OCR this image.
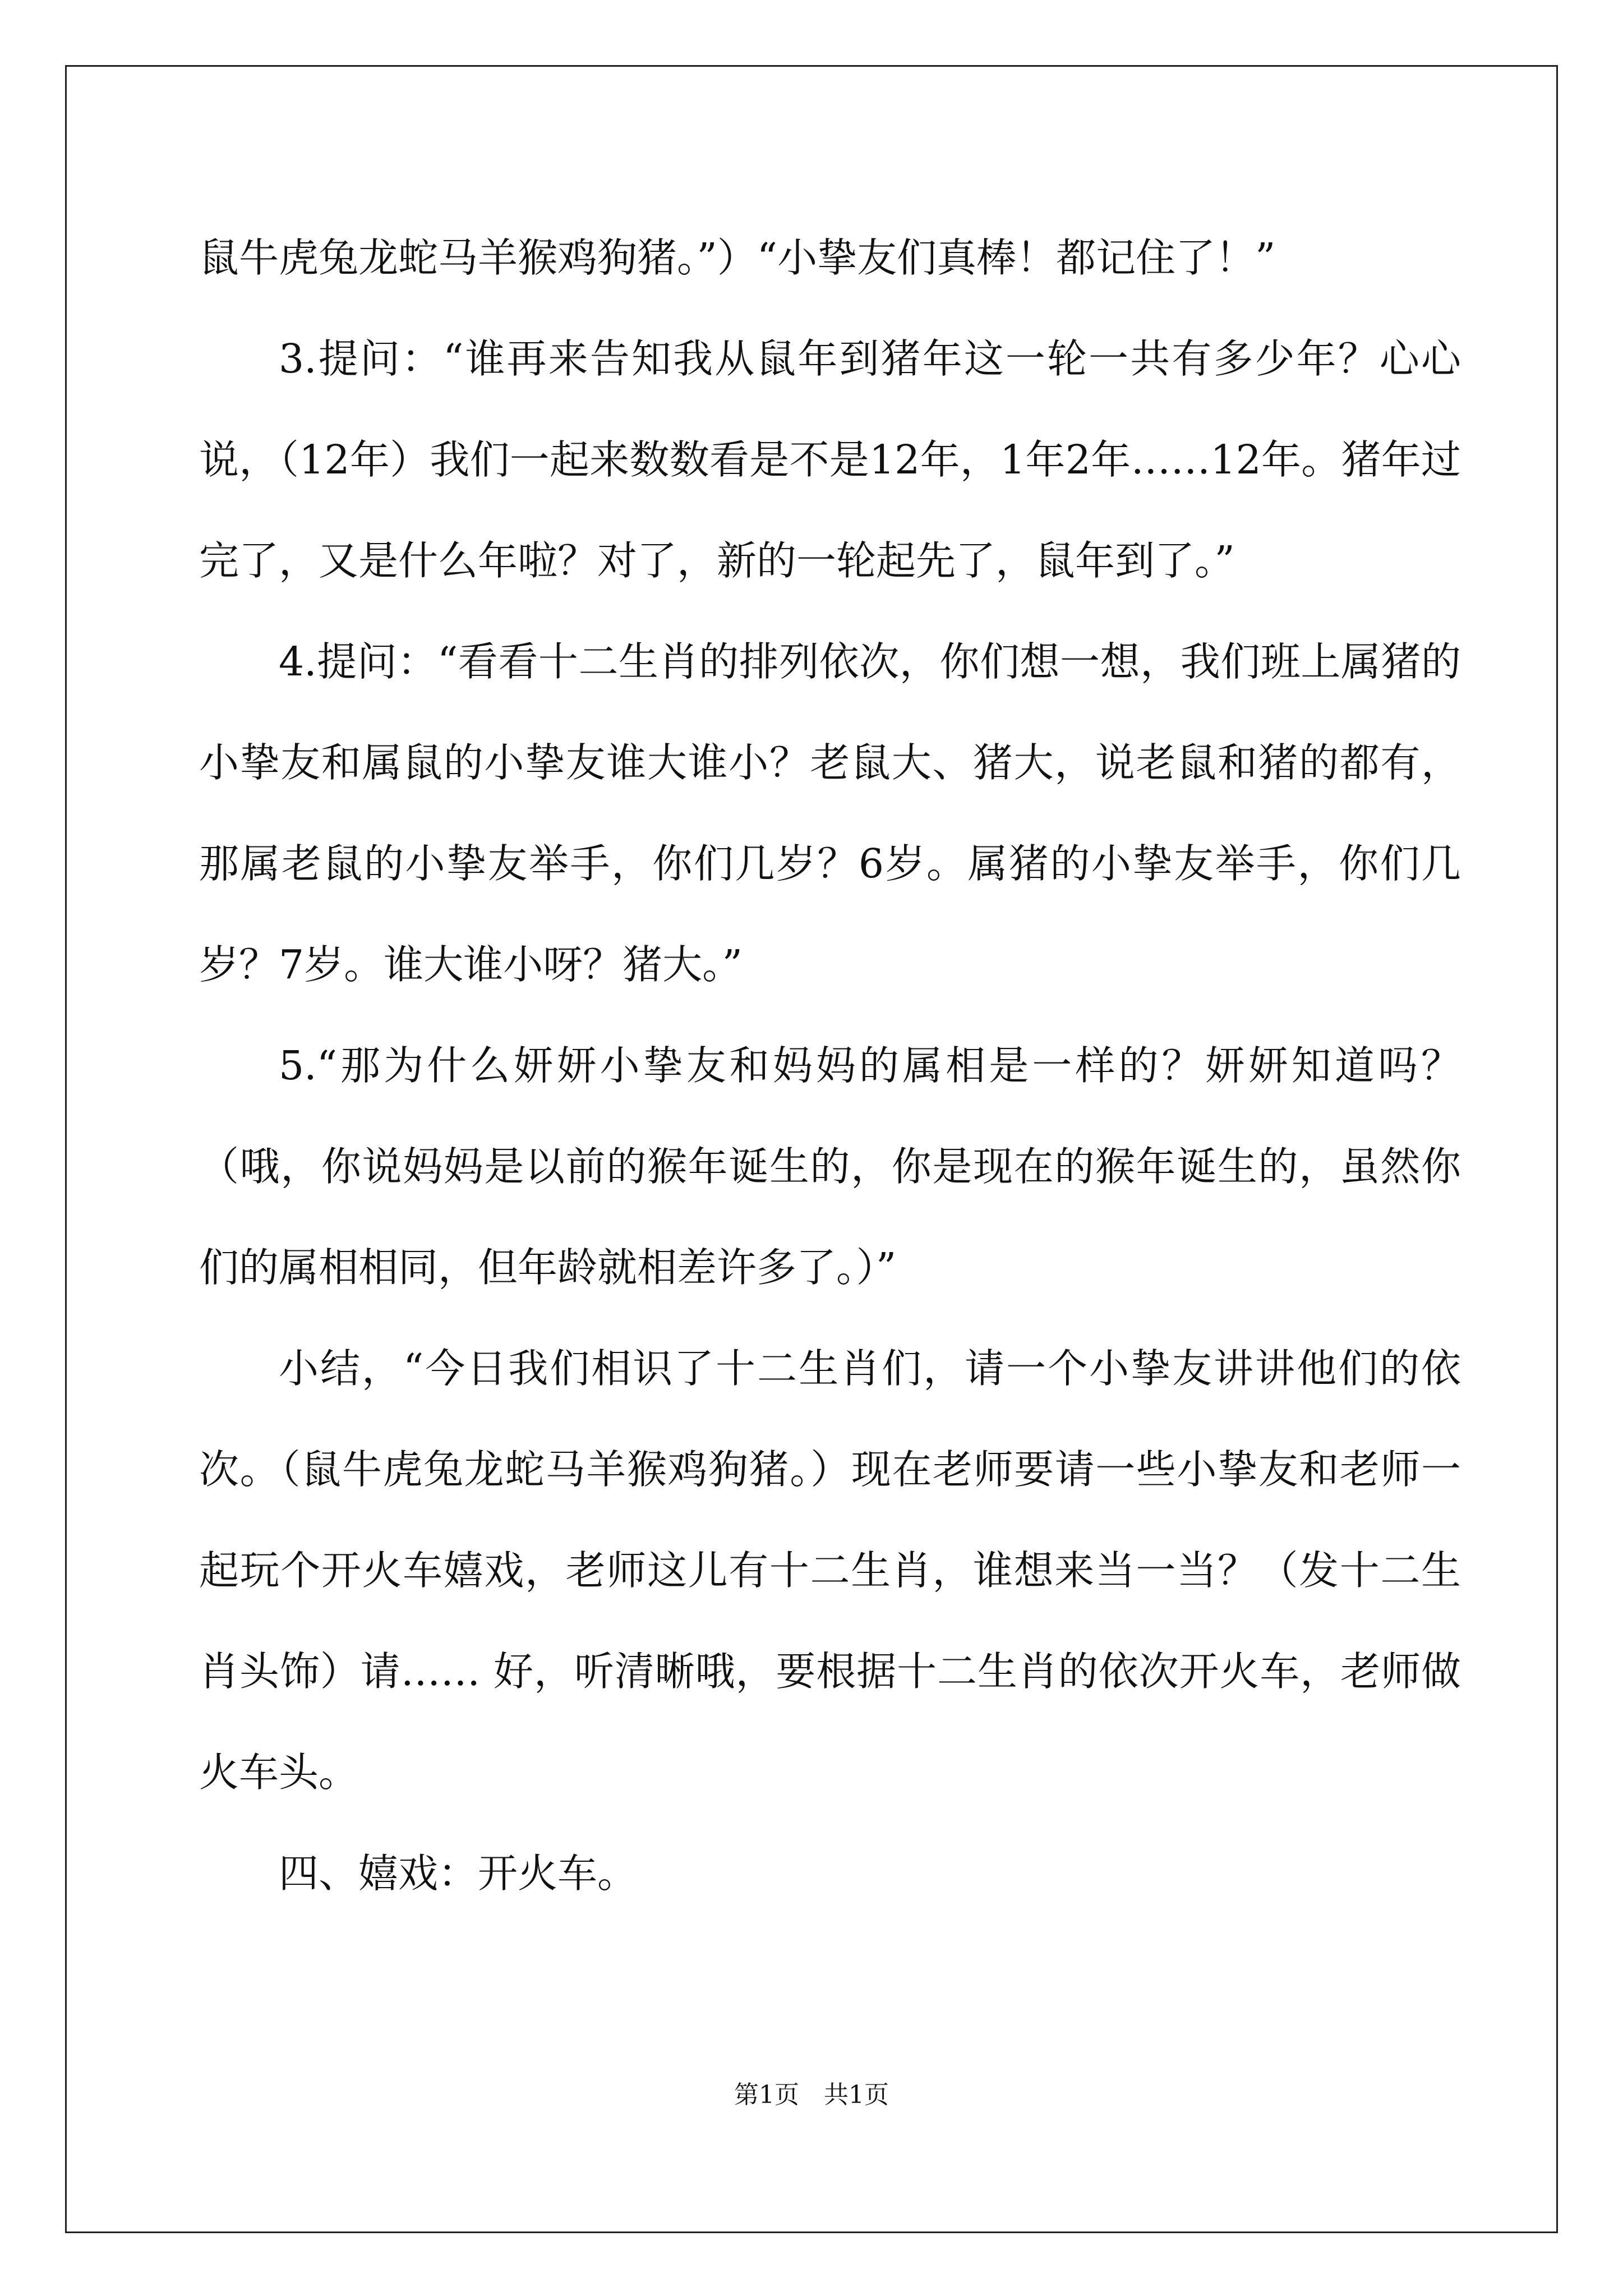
鼠牛虎兔龙蛇马羊猴鸡狗猪。”）“小挚友们真棒！都记住了！”

3.提问：“谁再来告知我从鼠年到猪年这一轮一共有多少年？心心说，（12年）我们一起来数数看是不是12年，1年2年……12年。猪年过完了，又是什么年啦？对了，新的一轮起先了，鼠年到了。”

4.提问：“看看十二生肖的排列依次，你们想一想，我们班上属猪的小挚友和属鼠的小挚友谁大谁小？老鼠大、猪大，说老鼠和猪的都有，那属老鼠的小挚友举手，你们几岁？6岁。属猪的小挚友举手，你们几岁？7岁。谁大谁小呀？猪大。”

5.“那为什么妍妍小挚友和妈妈的属相是一样的？妍妍知道吗？（哦，你说妈妈是以前的猴年诞生的，你是现在的猴年诞生的，虽然你们的属相相同，但年龄就相差许多了。）”

小结，“今日我们相识了十二生肖们，请一个小挚友讲讲他们的依次。（鼠牛虎兔龙蛇马羊猴鸡狗猪。）现在老师要请一些小挚友和老师一起玩个开火车嬉戏，老师这儿有十二生肖，谁想来当一当？（发十二生肖头饰）请…… 好，听清晰哦，要根据十二生肖的依次开火车，老师做火车头。

四、嬉戏：开火车。

第1页　共1页
